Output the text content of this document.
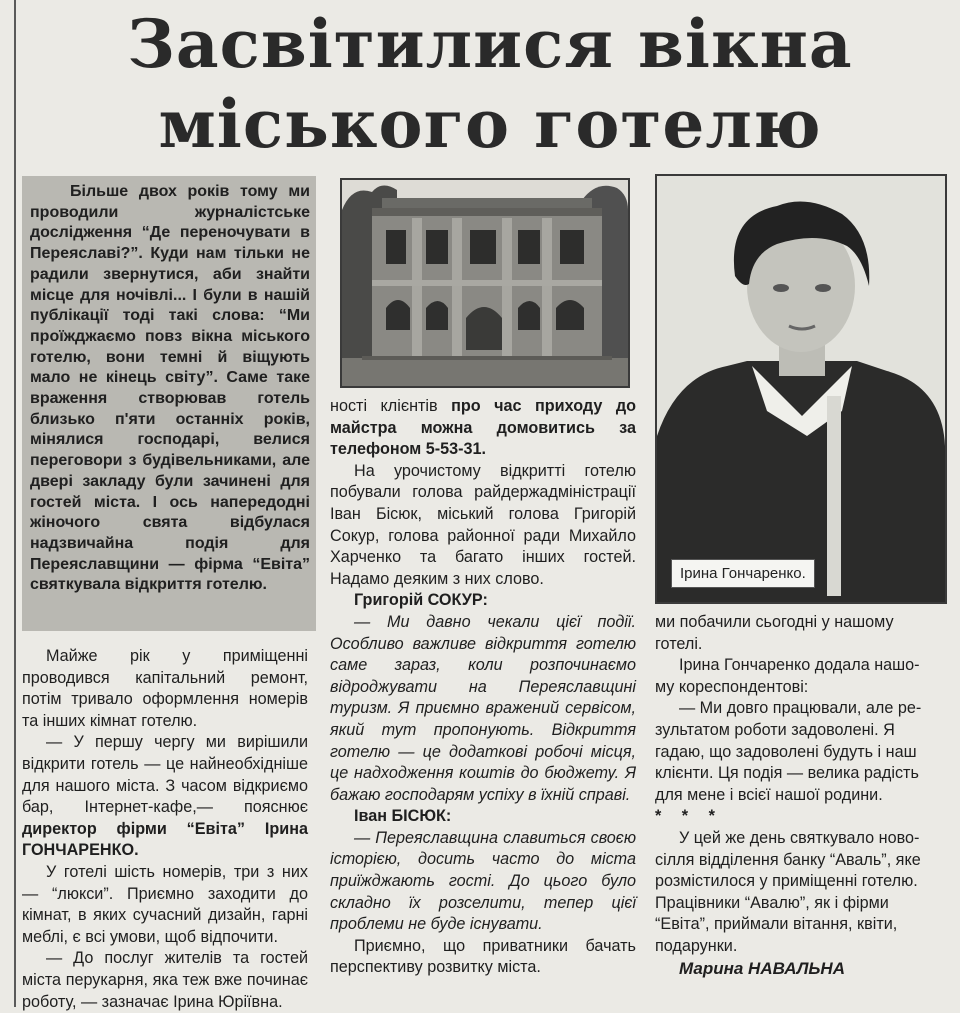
Засвітилися вікна
міського готелю

Більше двох років тому ми проводили журналістське дослідження “Де переночувати в Переяславі?”. Куди нам тільки не радили звернутися, аби знайти місце для ночівлі... І були в нашій публікації тоді такі слова: “Ми проїжджаємо повз вікна міського готелю, вони темні й віщують мало не кінець світу”. Саме таке враження створював готель близько п'яти останніх років, мінялися господарі, велися переговори з будівельниками, але двері закладу були зачинені для гостей міста. І ось напередодні жіночого свята відбулася надзвичайна подія для Переяславщини — фірма “Евіта” святкувала відкриття готелю.

Ірина Гончаренко.

Майже рік у приміщенні проводився капітальний ремонт, потім тривало оформлення номерів та інших кімнат готелю.

— У першу чергу ми вирішили відкрити готель — це найнеобхідніше для нашого міста. З часом відкриємо бар, Інтернет-кафе,— пояснює директор фірми “Евіта” Ірина ГОНЧАРЕНКО.

У готелі шість номерів, три з них — “люкси”. Приємно заходити до кімнат, в яких сучасний дизайн, гарні меблі, є всі умови, щоб відпочити.

— До послуг жителів та гостей міста перукарня, яка теж вже починає роботу, — зазначає Ірина Юріївна.

ності клієнтів про час приходу до майстра можна домовитись за телефоном 5-53-31.

На урочистому відкритті готелю побували голова райдержадміністрації Іван Бісюк, міський голова Григорій Сокур, голова районної ради Михайло Харченко та багато інших гостей. Надамо деяким з них слово.

Григорій СОКУР:

— Ми давно чекали цієї події. Особливо важливе відкриття готелю саме зараз, коли розпочинаємо відроджувати на Переяславщині туризм. Я приємно вражений сервісом, який тут пропонують. Відкриття готелю — це додаткові робочі місця, це надходження коштів до бюджету. Я бажаю господарям успіху в їхній справі.

Іван БІСЮК:

— Переяславщина славиться своєю історією, досить часто до міста приїжджають гості. До цього було складно їх розселити, тепер цієї проблеми не буде існувати.

Приємно, що приватники бачать перспективу розвитку міста.

ми побачили сьогодні у нашому

готелі.

Ірина Гончаренко додала нашо-

му кореспондентові:

— Ми довго працювали, але ре-

зультатом роботи задоволені. Я

гадаю, що задоволені будуть і наш

клієнти. Ця подія — велика радість

для мене і всієї нашої родини.

* * *

У цей же день святкувало ново-

сілля відділення банку “Аваль”, яке

розмістилося у приміщенні готелю.

Працівники “Авалю”, як і фірми

“Евіта”, приймали вітання, квіти,

подарунки.

Марина НАВАЛЬНА
